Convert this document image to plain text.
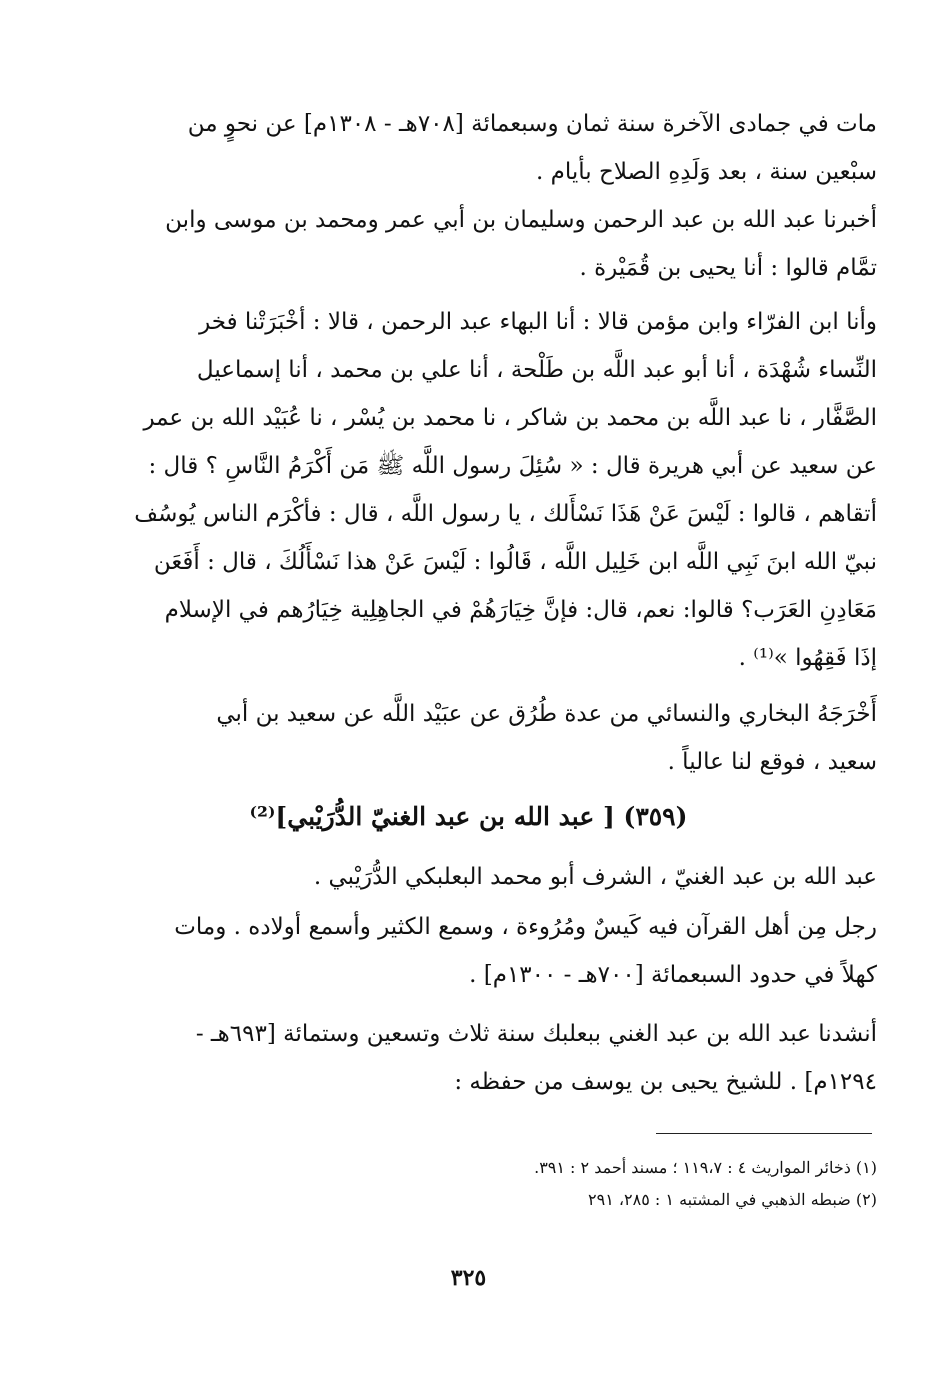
مات في جمادى الآخرة سنة ثمان وسبعمائة [٧٠٨هـ - ١٣٠٨م] عن نحوٍ من
سبْعين سنة ، بعد وَلَدِهِ الصلاح بأيام .
أخبرنا عبد الله بن عبد الرحمن وسليمان بن أبي عمر ومحمد بن موسى وابن
تمَّام قالوا : أنا يحيى بن قُمَيْرة .
وأنا ابن الفرّاء وابن مؤمن قالا : أنا البهاء عبد الرحمن ، قالا : أخْبَرَتْنا فخر
النِّساء شُهْدَة ، أنا أبو عبد اللَّه بن طَلْحة ، أنا علي بن محمد ، أنا إسماعيل
الصَّفَّار ، نا عبد اللَّه بن محمد بن شاكر ، نا محمد بن يُسْر ، نا عُبَيْد الله بن عمر
عن سعيد عن أبي هريرة قال : « سُئِلَ رسول اللَّه ﷺ مَن أَكْرَمُ النَّاسِ ؟ قال :
أتقاهم ، قالوا : لَيْسَ عَنْ هَذَا نَسْأَلك ، يا رسول اللَّه ، قال : فأكْرَم الناس يُوسُف
نبيّ الله ابنَ نَبِي اللَّه ابن خَلِيل اللَّه ، قَالُوا : لَيْسَ عَنْ هذا نَسْأَلُكَ ، قال : أَفَعَن
مَعَادِنِ العَرَب؟ قالوا: نعم، قال: فإنَّ خِيَارَهُمْ في الجاهِلِية خِيَارُهم في الإسلام
إذَا فَقِهُوا »⁽¹⁾ .
أَخْرَجَهُ البخاري والنسائي من عدة طُرُق عن عبَيْد اللَّه عن سعيد بن أبي
سعيد ، فوقع لنا عالياً .
(٣٥٩) [ عبد الله بن عبد الغنيّ الدُّرَيْبي]⁽²⁾
عبد الله بن عبد الغنيّ ، الشرف أبو محمد البعلبكي الدُّرَيْبي .
رجل مِن أهل القرآن فيه كَيسٌ ومُرُوءة ، وسمع الكثير وأسمع أولاده . ومات
كهلاً في حدود السبعمائة [٧٠٠هـ - ١٣٠٠م] .
أنشدنا عبد الله بن عبد الغني ببعلبك سنة ثلاث وتسعين وستمائة [٦٩٣هـ -
١٢٩٤م] . للشيخ يحيى بن يوسف من حفظه :
(١) ذخائر المواريث ٤ : ١١٩،٧ ؛ مسند أحمد ٢ : ٣٩١.
(٢) ضبطه الذهبي في المشتبه ١ : ٢٨٥، ٢٩١
٣٢٥
